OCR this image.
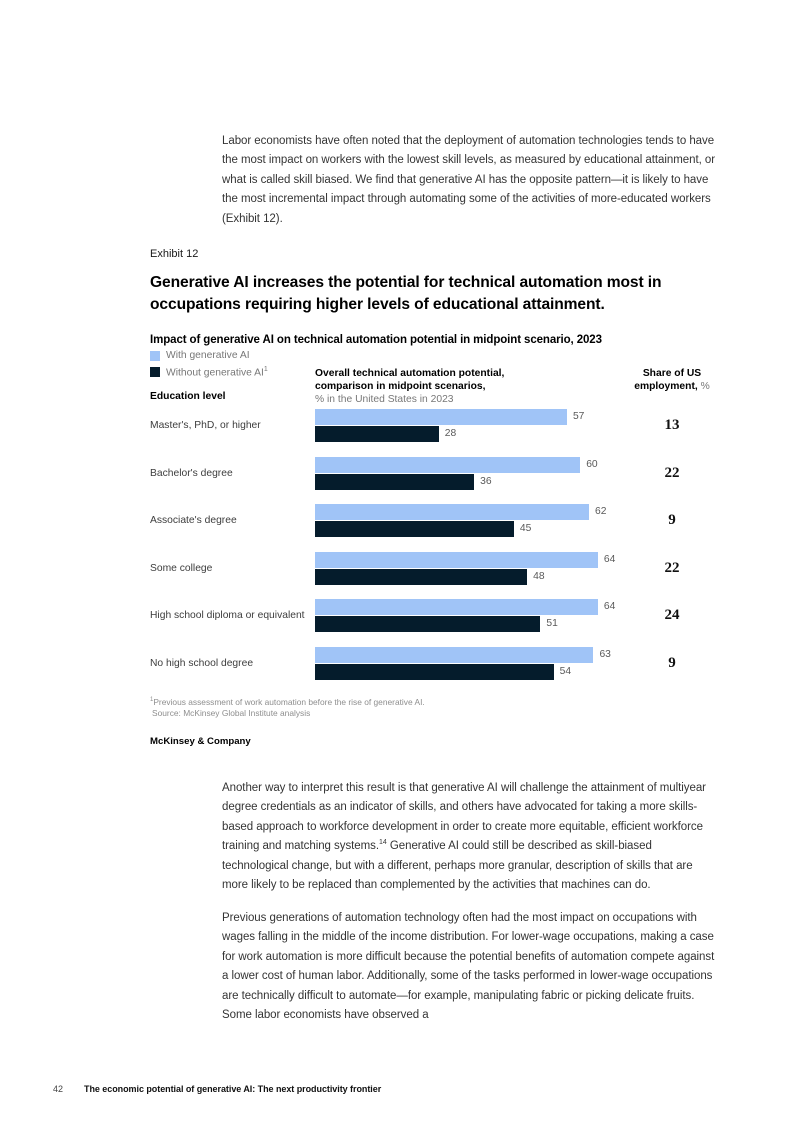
Labor economists have often noted that the deployment of automation technologies tends to have the most impact on workers with the lowest skill levels, as measured by educational attainment, or what is called skill biased. We find that generative AI has the opposite pattern—it is likely to have the most incremental impact through automating some of the activities of more-educated workers (Exhibit 12).

Exhibit 12
Generative AI increases the potential for technical automation most in occupations requiring higher levels of educational attainment.
Impact of generative AI on technical automation potential in midpoint scenario, 2023
With generative AI
Without generative $AI^1$
Education level
Overall technical automation potential,
comparison in midpoint scenarios,
% in the United States in 2023
Share of US employment, %
Master's, PhD, or higher
57
28
13
Bachelor's degree
60
36
22
Associate's degree
62
45
9
Some college
64
48
22
High school diploma or equivalent
64
51
24
No high school degree
63
54
9
$^1$Previous assessment of work automation before the rise of generative AI.
Source: McKinsey Global Institute analysis
McKinsey & Company

Another way to interpret this result is that generative AI will challenge the attainment of multiyear degree credentials as an indicator of skills, and others have advocated for taking a more skills-based approach to workforce development in order to create more equitable, efficient workforce training and matching systems.$^{14}$ Generative AI could still be described as skill-biased technological change, but with a different, perhaps more granular, description of skills that are more likely to be replaced than complemented by the activities that machines can do.

Previous generations of automation technology often had the most impact on occupations with wages falling in the middle of the income distribution. For lower-wage occupations, making a case for work automation is more difficult because the potential benefits of automation compete against a lower cost of human labor. Additionally, some of the tasks performed in lower-wage occupations are technically difficult to automate—for example, manipulating fabric or picking delicate fruits. Some labor economists have observed a

42 The economic potential of generative AI: The next productivity frontier
